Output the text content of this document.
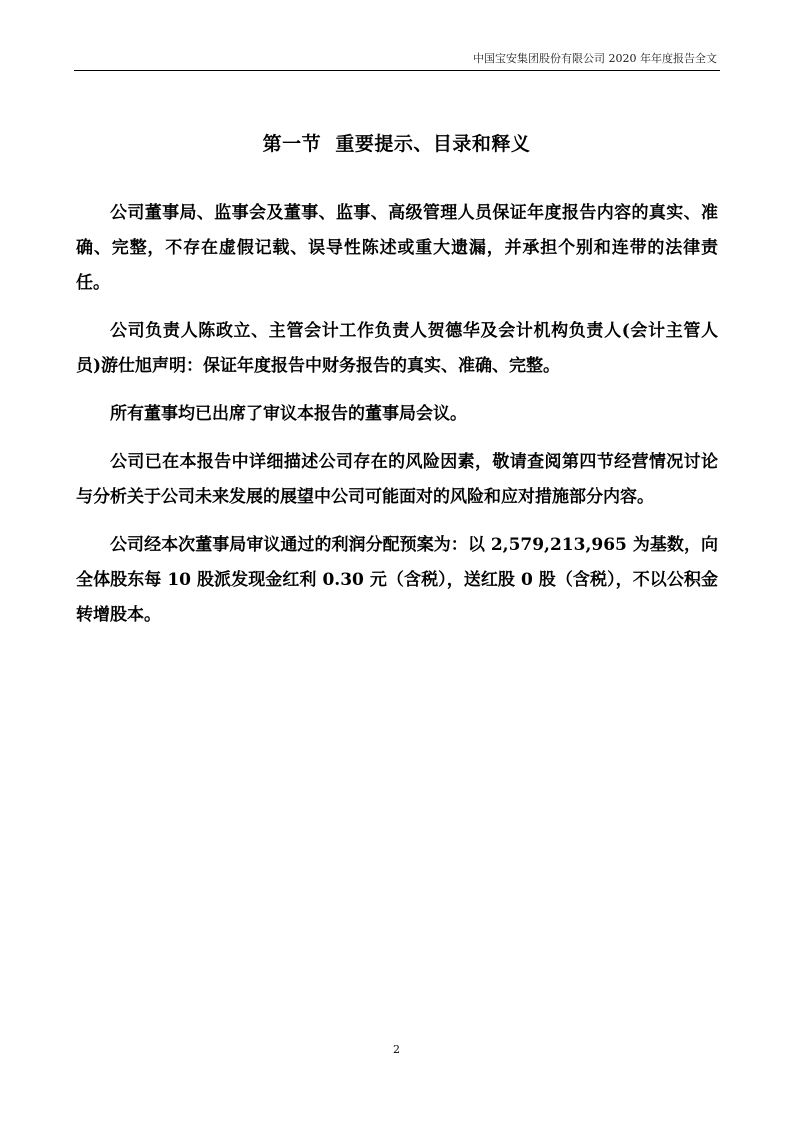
中国宝安集团股份有限公司 2020 年年度报告全文
第一节  重要提示、目录和释义

公司董事局、监事会及董事、监事、高级管理人员保证年度报告内容的真实、准确、完整，不存在虚假记载、误导性陈述或重大遗漏，并承担个别和连带的法律责任。

公司负责人陈政立、主管会计工作负责人贺德华及会计机构负责人(会计主管人员)游仕旭声明：保证年度报告中财务报告的真实、准确、完整。

所有董事均已出席了审议本报告的董事局会议。

公司已在本报告中详细描述公司存在的风险因素，敬请查阅第四节经营情况讨论与分析关于公司未来发展的展望中公司可能面对的风险和应对措施部分内容。

公司经本次董事局审议通过的利润分配预案为：以 2,579,213,965 为基数，向全体股东每 10 股派发现金红利 0.30 元（含税），送红股 0 股（含税），不以公积金转增股本。

2
